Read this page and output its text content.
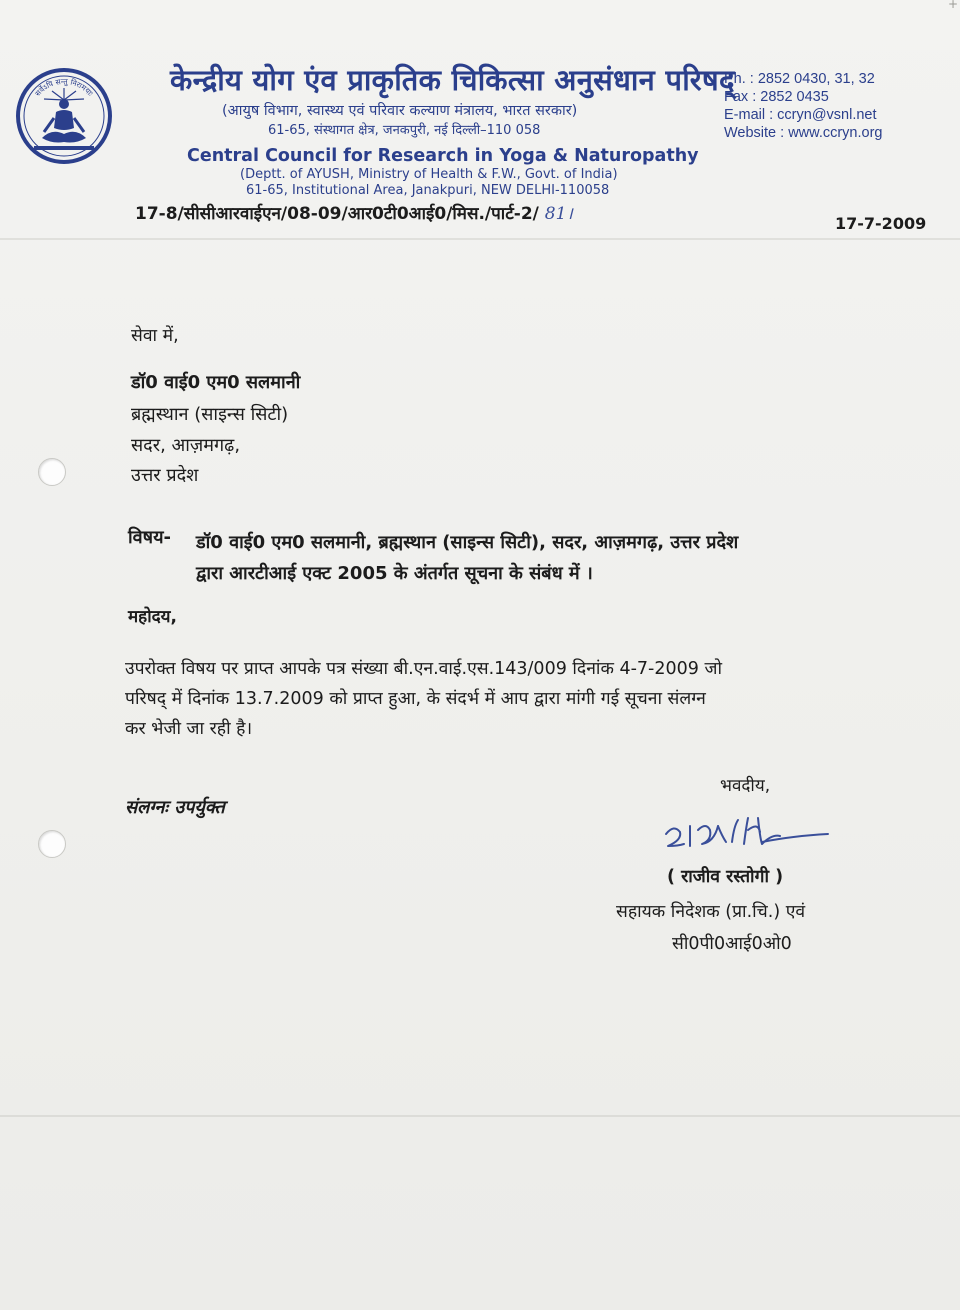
सर्वेऽपि सन्तु निरामयाः	केन्द्रीय योग एंव प्राकृतिक चिकित्सा अनुसंधान परिषद्
(आयुष विभाग, स्वास्थ्य एवं परिवार कल्याण मंत्रालय, भारत सरकार)
61-65, संस्थागत क्षेत्र, जनकपुरी, नई दिल्ली–110 058
Central Council for Research in Yoga & Naturopathy
(Deptt. of AYUSH, Ministry of Health & F.W., Govt. of India)
61-65, Institutional Area, Janakpuri, NEW DELHI-110058
Ph. : 2852 0430, 31, 32
Fax : 2852 0435
E-mail : ccryn@vsnl.net
Website : www.ccryn.org
17-8/सीसीआरवाईएन/08-09/आर0टी0आई0/मिस./पार्ट-2/ 81।	17-7-2009
सेवा में,
डॉ0 वाई0 एम0 सलमानी
ब्रह्मस्थान (साइन्स सिटी)
सदर, आज़मगढ़,
उत्तर प्रदेश
विषय- डॉ0 वाई0 एम0 सलमानी, ब्रह्मस्थान (साइन्स सिटी), सदर, आज़मगढ़, उत्तर प्रदेश
द्वारा आरटीआई एक्ट 2005 के अंतर्गत सूचना के संबंध में ।
महोदय,
उपरोक्त विषय पर प्राप्त आपके पत्र संख्या बी.एन.वाई.एस.143/009 दिनांक 4-7-2009 जो
परिषद् में दिनांक 13.7.2009 को प्राप्त हुआ, के संदर्भ में आप द्वारा मांगी गई सूचना संलग्न
कर भेजी जा रही है।
संलग्नः उपर्युक्त
भवदीय,
( राजीव रस्तोगी )
सहायक निदेशक (प्रा.चि.) एवं
सी0पी0आई0ओ0
+
